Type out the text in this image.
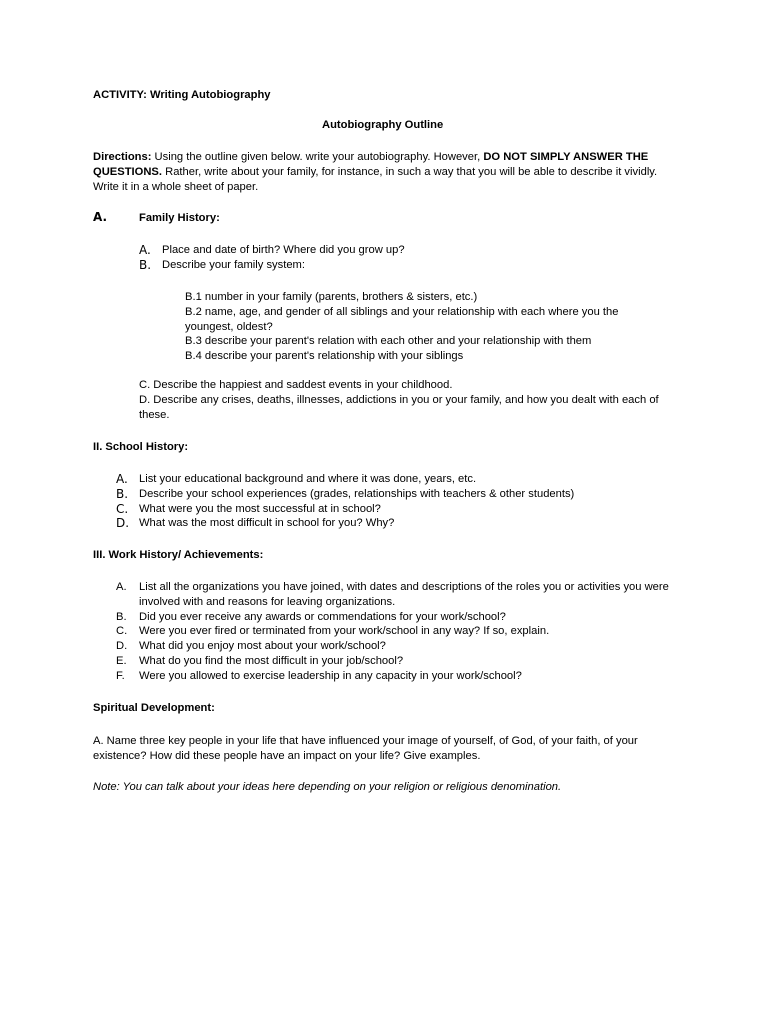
ACTIVITY: Writing Autobiography
Autobiography Outline
Directions: Using the outline given below. write your autobiography. However, DO NOT SIMPLY ANSWER THE QUESTIONS. Rather, write about your family, for instance, in such a way that you will be able to describe it vividly. Write it in a whole sheet of paper.
A.	Family History:
A. Place and date of birth? Where did you grow up?
B. Describe your family system:
B.1 number in your family (parents, brothers & sisters, etc.)
B.2 name, age, and gender of all siblings and your relationship with each where you the youngest, oldest?
B.3 describe your parent's relation with each other and your relationship with them
B.4 describe your parent's relationship with your siblings
C. Describe the happiest and saddest events in your childhood.
D. Describe any crises, deaths, illnesses, addictions in you or your family, and how you dealt with each of these.
II. School History:
A. List your educational background and where it was done, years, etc.
B. Describe your school experiences (grades, relationships with teachers & other students)
C. What were you the most successful at in school?
D. What was the most difficult in school for you? Why?
III. Work History/ Achievements:
A. List all the organizations you have joined, with dates and descriptions of the roles you or activities you were involved with and reasons for leaving organizations.
B. Did you ever receive any awards or commendations for your work/school?
C. Were you ever fired or terminated from your work/school in any way? If so, explain.
D. What did you enjoy most about your work/school?
E. What do you find the most difficult in your job/school?
F. Were you allowed to exercise leadership in any capacity in your work/school?
Spiritual Development:
A. Name three key people in your life that have influenced your image of yourself, of God, of your faith, of your existence? How did these people have an impact on your life? Give examples.
Note: You can talk about your ideas here depending on your religion or religious denomination.
